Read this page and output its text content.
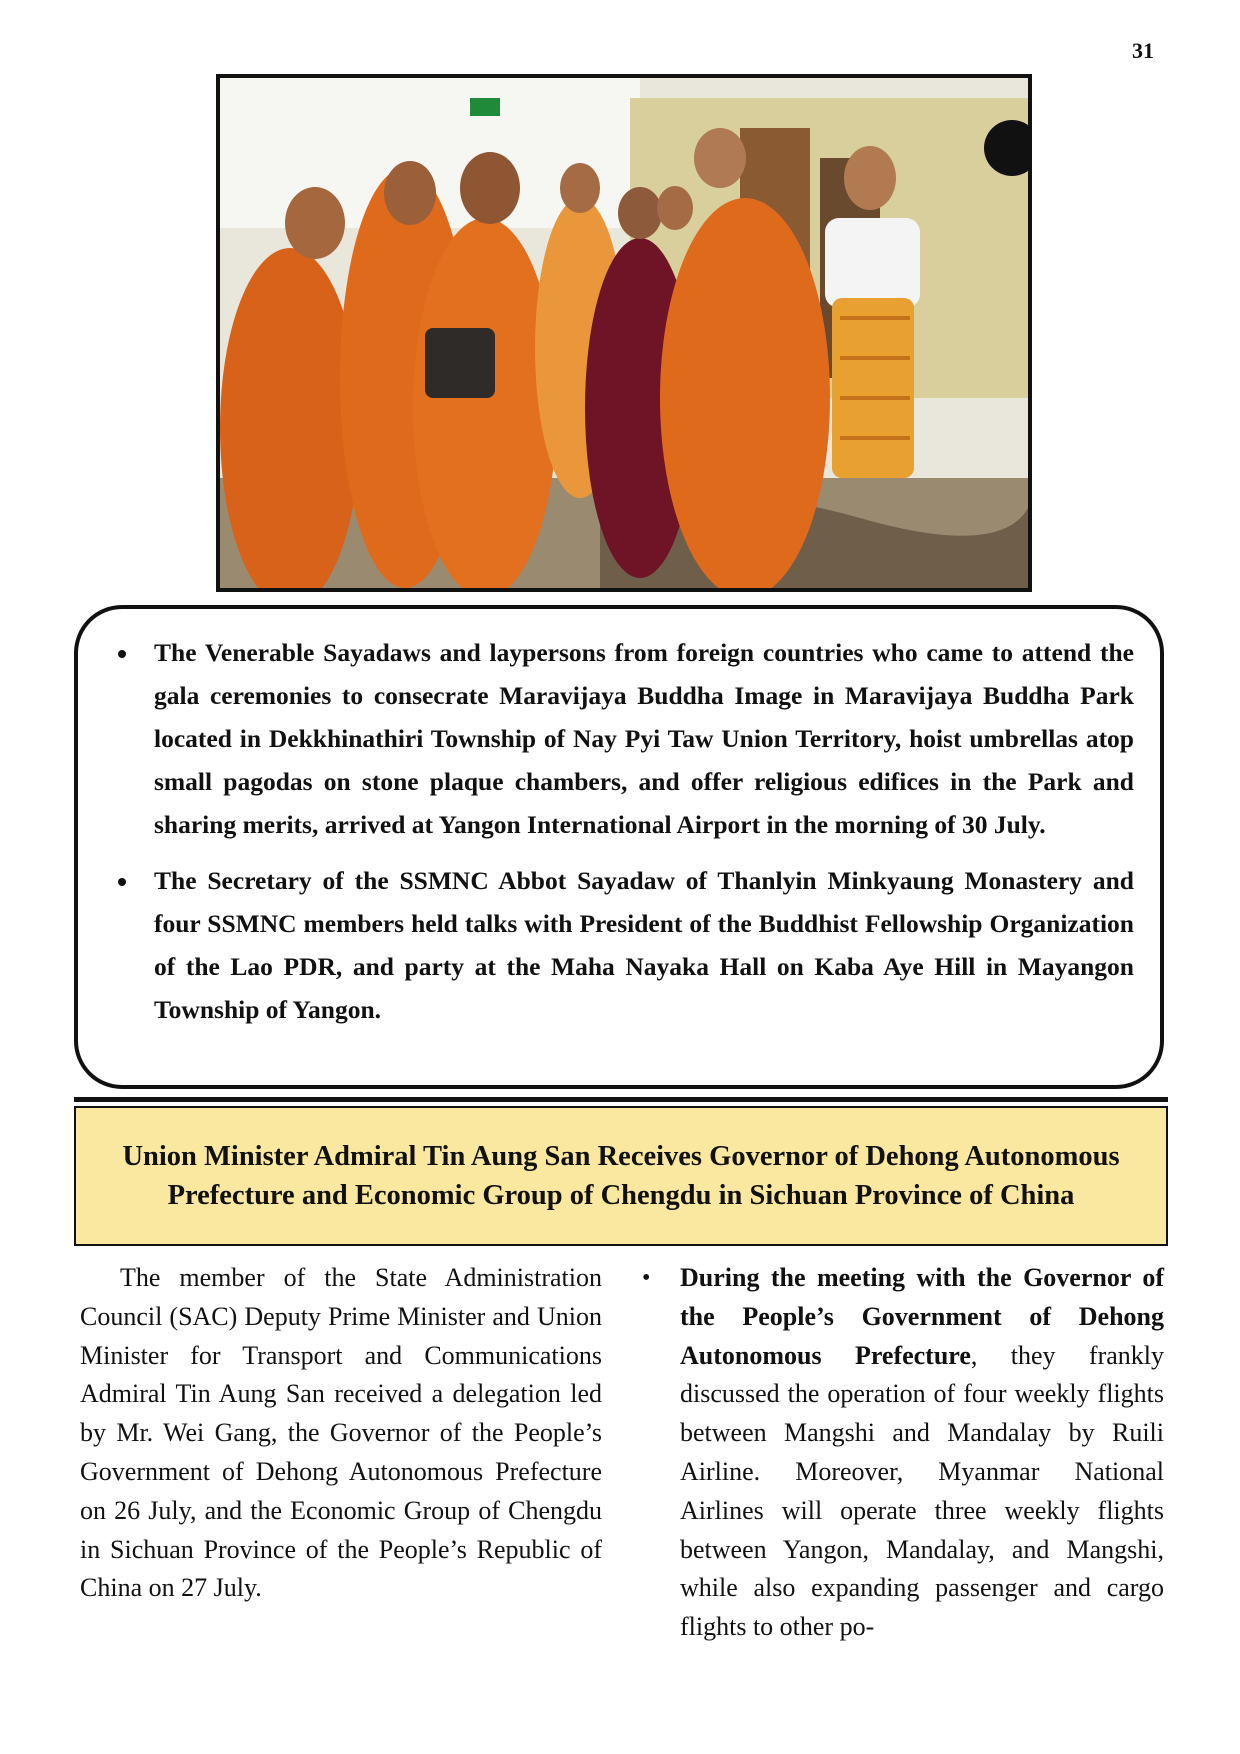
31
• The Venerable Sayadaws and laypersons from foreign countries who came to attend the gala ceremonies to consecrate Maravijaya Buddha Image in Maravijaya Buddha Park located in Dekkhinathiri Township of Nay Pyi Taw Union Territory, hoist umbrellas atop small pagodas on stone plaque chambers, and offer religious edifices in the Park and sharing merits, arrived at Yangon International Airport in the morning of 30 July.
• The Secretary of the SSMNC Abbot Sayadaw of Thanlyin Minkyaung Monastery and four SSMNC members held talks with President of the Buddhist Fellowship Organization of the Lao PDR, and party at the Maha Nayaka Hall on Kaba Aye Hill in Mayangon Township of Yangon.
Union Minister Admiral Tin Aung San Receives Governor of Dehong Autonomous Prefecture and Economic Group of Chengdu in Sichuan Province of China

The member of the State Administration Council (SAC) Deputy Prime Minister and Union Minister for Transport and Communications Admiral Tin Aung San received a delegation led by Mr. Wei Gang, the Governor of the People’s Government of Dehong Autonomous Prefecture on 26 July, and the Economic Group of Chengdu in Sichuan Province of the People’s Republic of China on 27 July.

• During the meeting with the Governor of the People’s Government of Dehong Autonomous Prefecture, they frankly discussed the operation of four weekly flights between Mangshi and Mandalay by Ruili Airline. Moreover, Myanmar National Airlines will operate three weekly flights between Yangon, Mandalay, and Mangshi, while also expanding passenger and cargo flights to other po-
